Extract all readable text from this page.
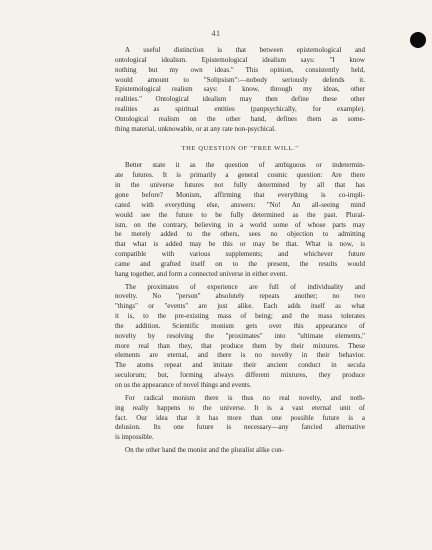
41
A useful distinction is that between epistemological and
ontological idealism. Epistemological idealism says: "I know
nothing but my own ideas." This opinion, consistently held,
would amount to "Solipsism":—nobody seriously defends it.
Epistemological realism says: I know, through my ideas, other
realities." Ontological idealism may then define these other
realities as spiritual entities (panpsychically, for example).
Ontological realism on the other hand, defines them as some-
thing material, unknowable, or at any rate non-psychical.
THE QUESTION OF "FREE WILL."
Better state it as the question of ambiguous or indetermin-
ate futures. It is primarily a general cosmic question: Are there
in the universe futures not fully determined by all that has
gone before? Monism, affirming that everything is co-impli-
cated with everything else, answers: "No! An all-seeing mind
would see the future to be fully determined as the past. Plural-
ism, on the contrary, believing in a world some of whose parts may
be merely added to the others, sees no objection to admitting
that what is added may be this or may be that. What is now, is
compatible with various supplements; and whichever future
came and grafted itself on to the present, the results would
hang together, and form a connected universe in either event.
The proximates of experience are full of individuality and
novelty. No "person" absolutely repeats another; no two
"things" or "events" are just alike. Each adds itself as what
it is, to the pre-existing mass of being; and the mass tolerates
the addition. Scientific monism gets over this appearance of
novelty by resolving the "proximates" into "ultimate elements,"
more real than they, that produce them by their mixtures. These
elements are eternal, and there is no novelty in their behavior.
The atoms repeat and imitate their ancient conduct in secula
seculorum; but, forming always different mixtures, they produce
on us the appearance of novel things and events.
For radical monism there is thus no real novelty, and noth-
ing really happens to the universe. It is a vast eternal unit of
fact. Our idea that it has more than one possible future is a
delusion. Its one future is necessary—any fancied alternative
is impossible.
On the other hand the monist and the pluralist alike con-
